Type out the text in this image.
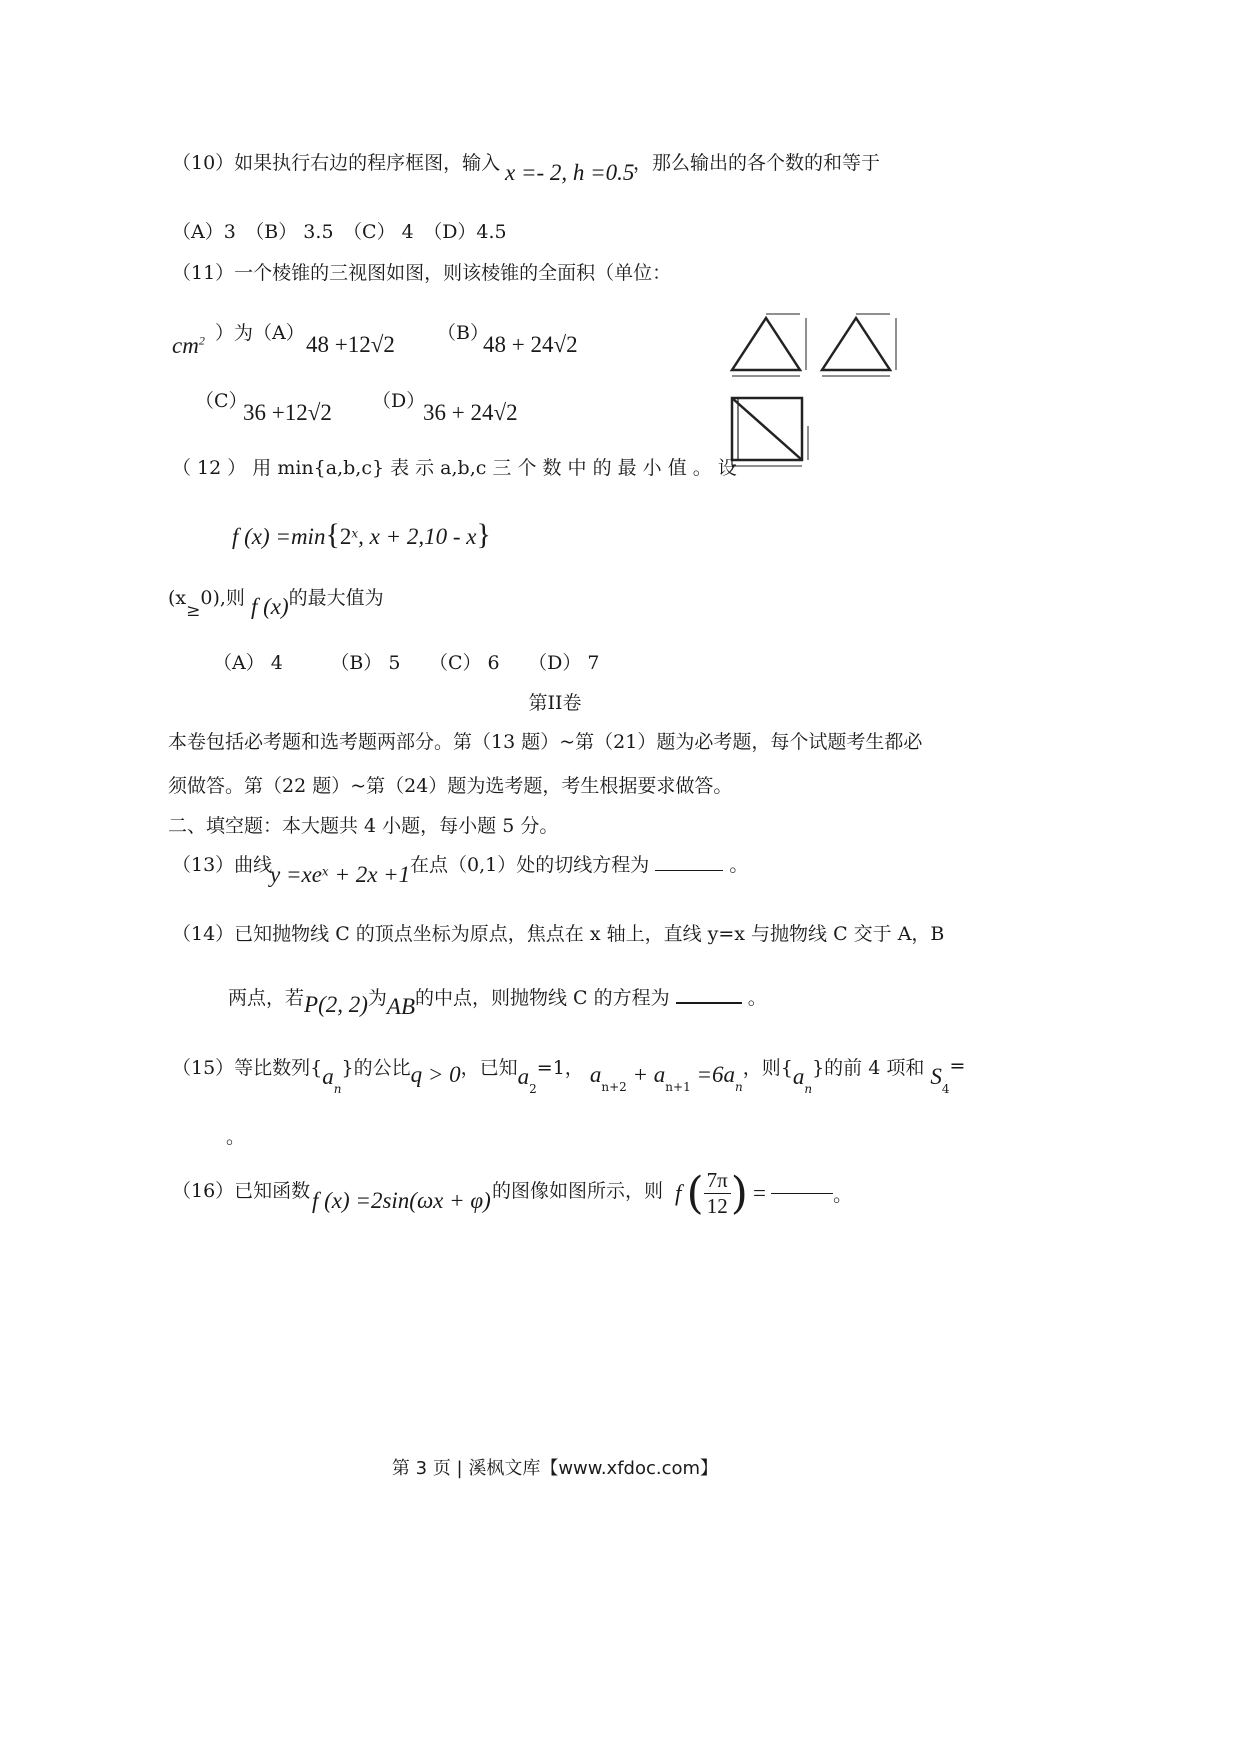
（10）如果执行右边的程序框图，输入 x =- 2, h =0.5
，那么输出的各个数的和等于
（A）3　（B） 3.5　（C） 4　（D）4.5
（11）一个棱锥的三视图如图，则该棱锥的全面积（单位：
$cm^2$ ）为（A） 48 +12√2 （B）
48 + 24√2
（C）
36 +12√2 （D）
36 + 24√2
（ 12 ） 用 min{a,b,c} 表 示 a,b,c 三 个 数 中 的 最 小 值 。 设
f $(x) =\min\{2^x$, x + 2,10 - x}
(x≥0),则 f (x)的最大值为
（A） 4　　　（B） 5　　（C） 6　　（D） 7
第II卷
本卷包括必考题和选考题两部分。第（13 题）~第（21）题为必考题，每个试题考生都必
须做答。第（22 题）~第（24）题为选考题，考生根据要求做答。
二、填空题：本大题共 4 小题，每小题 5 分。
（13）曲线
$y =xe^x + 2x +1$ 在点（0,1）处的切线方程为	。
（14）已知抛物线 C 的顶点坐标为原点，焦点在 x 轴上，直线 y=x 与抛物线 C 交于 A，B
两点，若P(2, 2)为AB的中点，则抛物线 C 的方程为	。
（15）等比数列$\{a_n\}$的公比q > 0，已知$a_2=1$， $a_{n+2} + a_{n+1} =6a_n$，则$\{a_n\}$的前 4 项和 $S_4=$
。
（16）已知函数 f (x) =2sin(ωx + φ) 的图像如图所示，则 f ( $\frac{7\pi}{12}$ ) =	。
第 3 页 | 溪枫文库【www.xfdoc.com】
